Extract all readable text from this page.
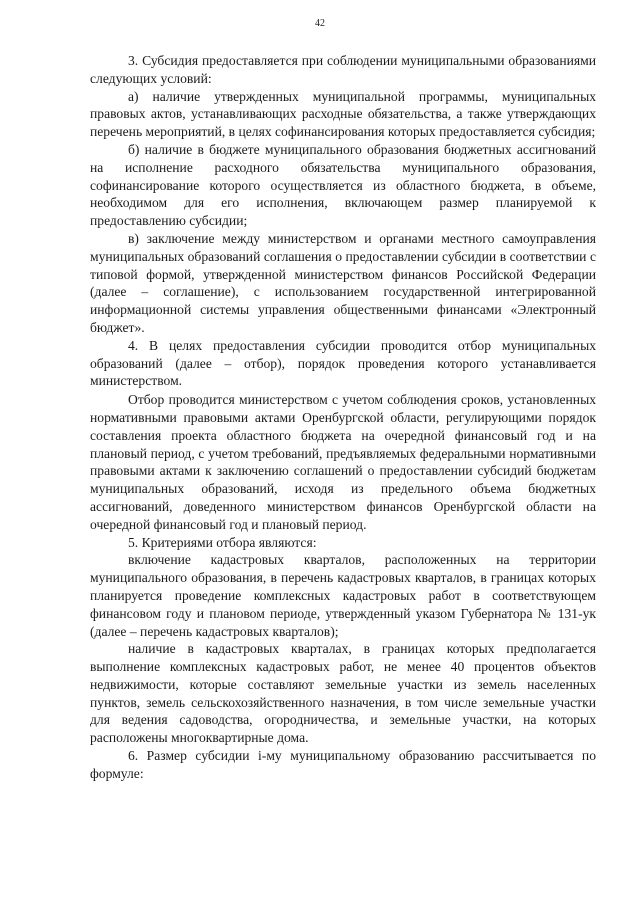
42

3. Субсидия предоставляется при соблюдении муниципальными образованиями следующих условий:

а) наличие утвержденных муниципальной программы, муниципальных правовых актов, устанавливающих расходные обязательства, а также утверждающих перечень мероприятий, в целях софинансирования которых предоставляется субсидия;

б) наличие в бюджете муниципального образования бюджетных ассигнований на исполнение расходного обязательства муниципального образования, софинансирование которого осуществляется из областного бюджета, в объеме, необходимом для его исполнения, включающем размер планируемой к предоставлению субсидии;

в) заключение между министерством и органами местного самоуправления муниципальных образований соглашения о предоставлении субсидии в соответствии с типовой формой, утвержденной министерством финансов Российской Федерации (далее – соглашение), с использованием государственной интегрированной информационной системы управления общественными финансами «Электронный бюджет».

4. В целях предоставления субсидии проводится отбор муниципальных образований (далее – отбор), порядок проведения которого устанавливается министерством.

Отбор проводится министерством с учетом соблюдения сроков, установленных нормативными правовыми актами Оренбургской области, регулирующими порядок составления проекта областного бюджета на очередной финансовый год и на плановый период, с учетом требований, предъявляемых федеральными нормативными правовыми актами к заключению соглашений о предоставлении субсидий бюджетам муниципальных образований, исходя из предельного объема бюджетных ассигнований, доведенного министерством финансов Оренбургской области на очередной финансовый год и плановый период.

5. Критериями отбора являются:

включение кадастровых кварталов, расположенных на территории муниципального образования, в перечень кадастровых кварталов, в границах которых планируется проведение комплексных кадастровых работ в соответствующем финансовом году и плановом периоде, утвержденный указом Губернатора № 131-ук (далее – перечень кадастровых кварталов);

наличие в кадастровых кварталах, в границах которых предполагается выполнение комплексных кадастровых работ, не менее 40 процентов объектов недвижимости, которые составляют земельные участки из земель населенных пунктов, земель сельскохозяйственного назначения, в том числе земельные участки для ведения садоводства, огородничества, и земельные участки, на которых расположены многоквартирные дома.

6. Размер субсидии i-му муниципальному образованию рассчитывается по формуле:
